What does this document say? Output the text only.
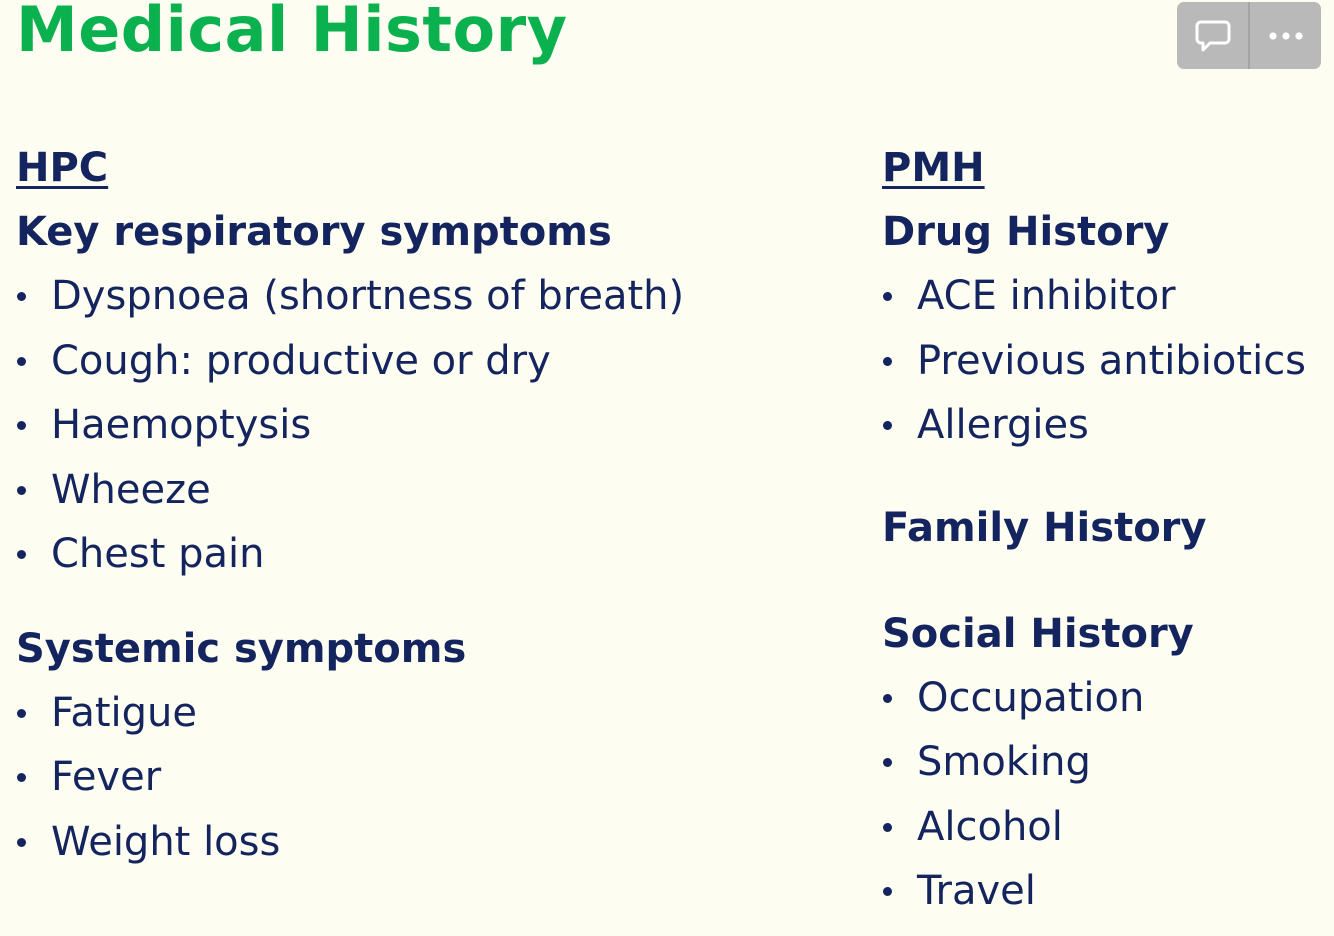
Medical History
HPC
Key respiratory symptoms
Dyspnoea (shortness of breath)
Cough: productive or dry
Haemoptysis
Wheeze
Chest pain
Systemic symptoms
Fatigue
Fever
Weight loss
PMH
Drug History
ACE inhibitor
Previous antibiotics
Allergies
Family History
Social History
Occupation
Smoking
Alcohol
Travel
